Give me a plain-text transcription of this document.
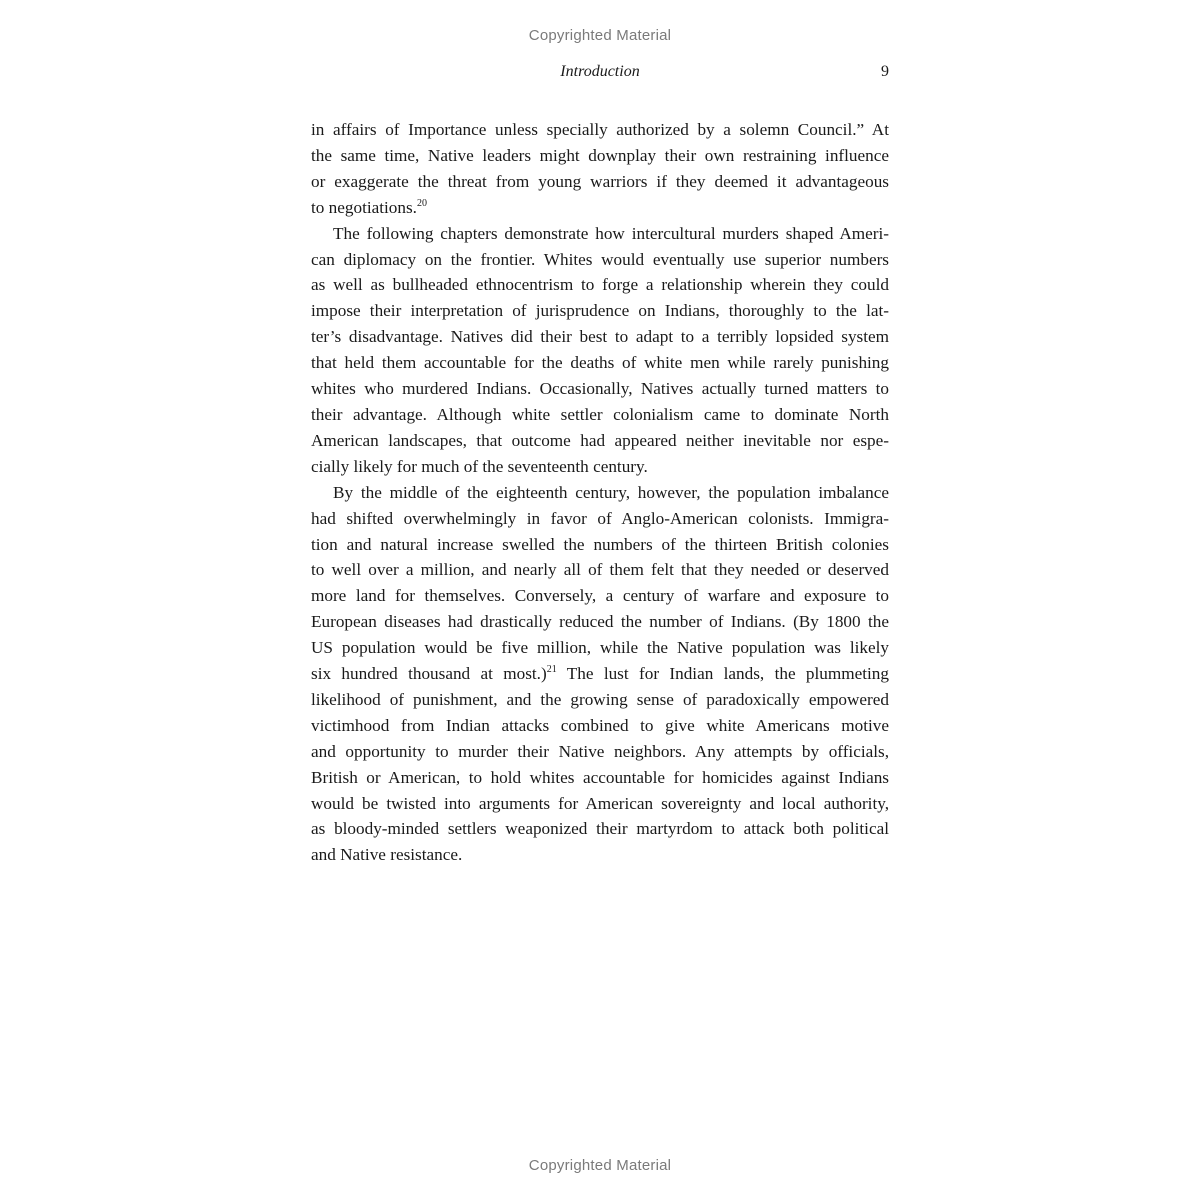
Copyrighted Material
Introduction	9

in affairs of Importance unless specially authorized by a solemn Council.” At
the same time, Native leaders might downplay their own restraining influence
or exaggerate the threat from young warriors if they deemed it advantageous
to negotiations.$^{20}$

The following chapters demonstrate how intercultural murders shaped Ameri-
can diplomacy on the frontier. Whites would eventually use superior numbers
as well as bullheaded ethnocentrism to forge a relationship wherein they could
impose their interpretation of jurisprudence on Indians, thoroughly to the lat-
ter’s disadvantage. Natives did their best to adapt to a terribly lopsided system
that held them accountable for the deaths of white men while rarely punishing
whites who murdered Indians. Occasionally, Natives actually turned matters to
their advantage. Although white settler colonialism came to dominate North
American landscapes, that outcome had appeared neither inevitable nor espe-
cially likely for much of the seventeenth century.

By the middle of the eighteenth century, however, the population imbalance
had shifted overwhelmingly in favor of Anglo-American colonists. Immigra-
tion and natural increase swelled the numbers of the thirteen British colonies
to well over a million, and nearly all of them felt that they needed or deserved
more land for themselves. Conversely, a century of warfare and exposure to
European diseases had drastically reduced the number of Indians. (By 1800 the
US population would be five million, while the Native population was likely
six hundred thousand at most.)$^{21}$ The lust for Indian lands, the plummeting
likelihood of punishment, and the growing sense of paradoxically empowered
victimhood from Indian attacks combined to give white Americans motive
and opportunity to murder their Native neighbors. Any attempts by officials,
British or American, to hold whites accountable for homicides against Indians
would be twisted into arguments for American sovereignty and local authority,
as bloody-minded settlers weaponized their martyrdom to attack both political
and Native resistance.

Copyrighted Material
